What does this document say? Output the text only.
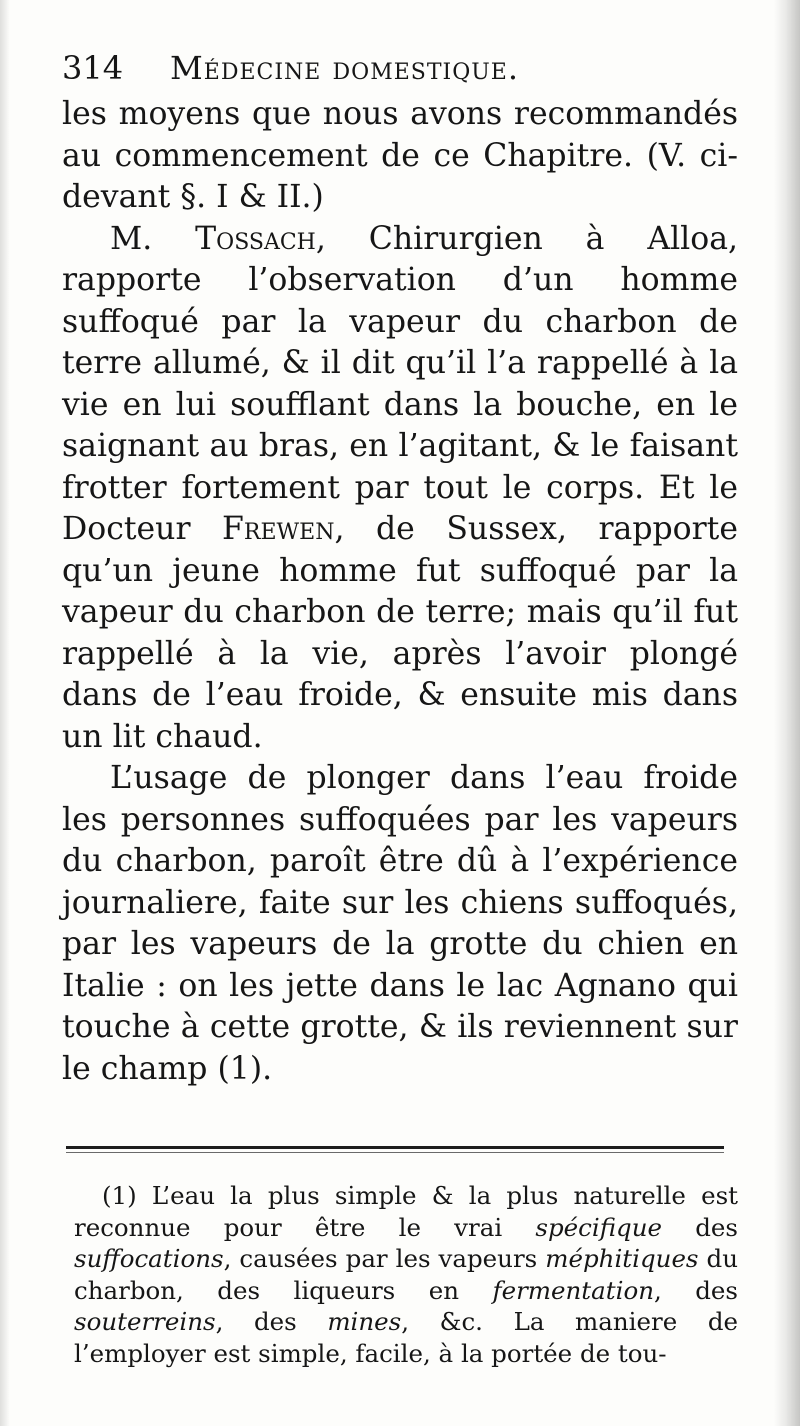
314 Médecine domestique.

les moyens que nous avons recommandés au commencement de ce Chapitre. (V. ci-devant §. I & II.)

M. Tossach, Chirurgien à Alloa, rapporte l’observation d’un homme suffoqué par la vapeur du charbon de terre allumé, & il dit qu’il l’a rappellé à la vie en lui soufflant dans la bouche, en le saignant au bras, en l’agitant, & le faisant frotter fortement par tout le corps. Et le Docteur Frewen, de Sussex, rapporte qu’un jeune homme fut suffoqué par la vapeur du charbon de terre; mais qu’il fut rappellé à la vie, après l’avoir plongé dans de l’eau froide, & ensuite mis dans un lit chaud.

L’usage de plonger dans l’eau froide les personnes suffoquées par les vapeurs du charbon, paroît être dû à l’expérience journaliere, faite sur les chiens suffoqués, par les vapeurs de la grotte du chien en Italie : on les jette dans le lac Agnano qui touche à cette grotte, & ils reviennent sur le champ (1).

(1) L’eau la plus simple & la plus naturelle est reconnue pour être le vrai spécifique des suffocations, causées par les vapeurs méphitiques du charbon, des liqueurs en fermentation, des souterreins, des mines, &c. La maniere de l’employer est simple, facile, à la portée de tou-
